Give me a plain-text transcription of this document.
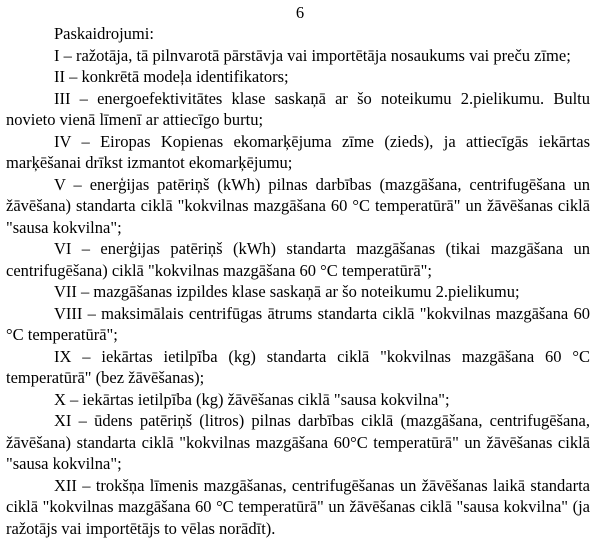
6

Paskaidrojumi:

I – ražotāja, tā pilnvarotā pārstāvja vai importētāja nosaukums vai preču zīme;

II – konkrētā modeļa identifikators;

III – energoefektivitātes klase saskaņā ar šo noteikumu 2.pielikumu. Bultu novieto vienā līmenī ar attiecīgo burtu;

IV – Eiropas Kopienas ekomarķējuma zīme (zieds), ja attiecīgās iekārtas marķēšanai drīkst izmantot ekomarķējumu;

V – enerģijas patēriņš (kWh) pilnas darbības (mazgāšana, centrifugēšana un žāvēšana) standarta ciklā "kokvilnas mazgāšana 60 °C temperatūrā" un žāvēšanas ciklā "sausa kokvilna";

VI – enerģijas patēriņš (kWh) standarta mazgāšanas (tikai mazgāšana un centrifugēšana) ciklā "kokvilnas mazgāšana 60 °C temperatūrā";

VII – mazgāšanas izpildes klase saskaņā ar šo noteikumu 2.pielikumu;

VIII – maksimālais centrifūgas ātrums standarta ciklā "kokvilnas mazgāšana 60 °C temperatūrā";

IX – iekārtas ietilpība (kg) standarta ciklā "kokvilnas mazgāšana 60 °C temperatūrā" (bez žāvēšanas);

X – iekārtas ietilpība (kg) žāvēšanas ciklā "sausa kokvilna";

XI – ūdens patēriņš (litros) pilnas darbības ciklā (mazgāšana, centrifugēšana, žāvēšana) standarta ciklā "kokvilnas mazgāšana 60°C temperatūrā" un žāvēšanas ciklā "sausa kokvilna";

XII – trokšņa līmenis mazgāšanas, centrifugēšanas un žāvēšanas laikā standarta ciklā "kokvilnas mazgāšana 60 °C temperatūrā" un žāvēšanas ciklā "sausa kokvilna" (ja ražotājs vai importētājs to vēlas norādīt).
